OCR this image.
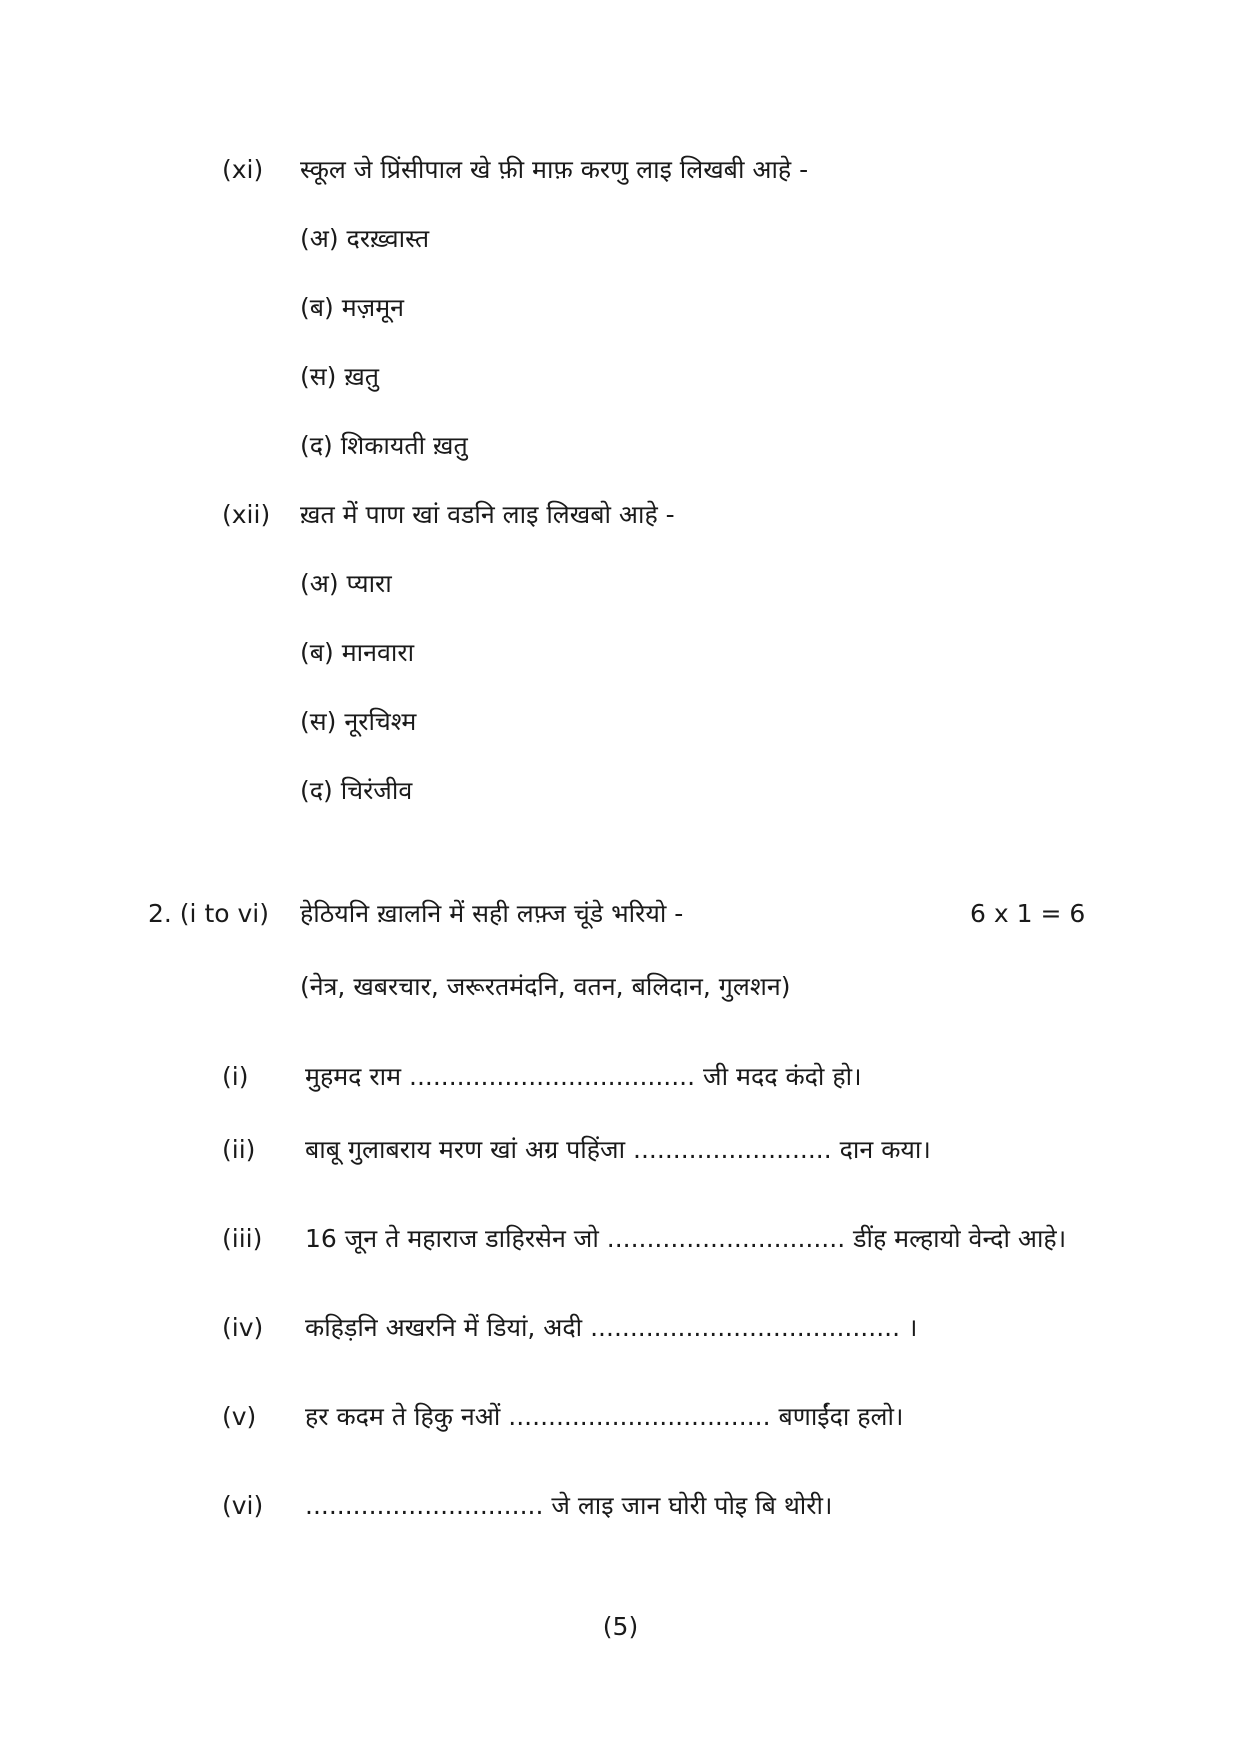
(xi) स्कूल जे प्रिंसीपाल खे फ़ी माफ़ करणु लाइ लिखबी आहे -
(अ) दरख़्वास्त
(ब) मज़मून
(स) ख़तु
(द) शिकायती ख़तु
(xii) ख़त में पाण खां वडनि लाइ लिखबो आहे -
(अ) प्यारा
(ब) मानवारा
(स) नूरचिश्म
(द) चिरंजीव
2. (i to vi) हेठियनि ख़ालनि में सही लफ़्ज चूंडे भरियो -	6 x 1 = 6
(नेत्र, खबरचार, जरूरतमंदनि, वतन, बलिदान, गुलशन)
(i) मुहमद राम .................................... जी मदद कंदो हो।
(ii) बाबू गुलाबराय मरण खां अग्र पहिंजा ......................... दान कया।
(iii) 16 जून ते महाराज डाहिरसेन जो .............................. डींह मल्हायो वेन्दो आहे।
(iv) कहिड़नि अखरनि में डियां, अदी ....................................... ।
(v) हर कदम ते हिकु नओं ................................. बणाईंदा हलो।
(vi) .............................. जे लाइ जान घोरी पोइ बि थोरी।
(5)
